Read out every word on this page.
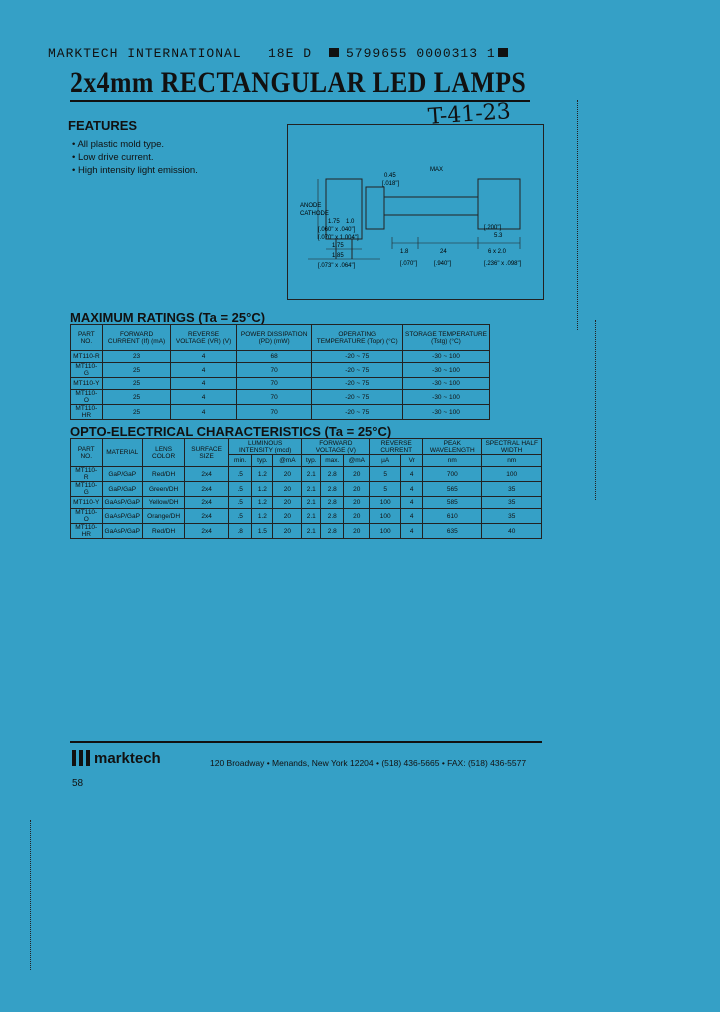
MARKTECH INTERNATIONAL 18E D	5799655 0000313 1
2x4mm RECTANGULAR LED LAMPS
T-41-23
FEATURES
• All plastic mold type.
• Low drive current.
• High intensity light emission.	0.45
[.018"]
1.75 1.0
ANODE
CATHODE
[.060" x .040"]
[.070" x 1.004"]
1.75
1.85
[.073" x .064"]
24
[.940"]
1.8
5.3
[.236" x .098"]
[.070"]
[.200"]
6 x 2.0
MAX
MAXIMUM RATINGS (Ta = 25°C)
PART NO.	FORWARD CURRENT (If) (mA)	REVERSE VOLTAGE (VR) (V)	POWER DISSIPATION (PD) (mW)	OPERATING TEMPERATURE (Topr) (°C)	STORAGE TEMPERATURE (Tstg) (°C)
MT110-R	23	4	68	-20 ~ 75	-30 ~ 100
MT110-G	25	4	70	-20 ~ 75	-30 ~ 100
MT110-Y	25	4	70	-20 ~ 75	-30 ~ 100
MT110-O	25	4	70	-20 ~ 75	-30 ~ 100
MT110-HR	25	4	70	-20 ~ 75	-30 ~ 100
OPTO-ELECTRICAL CHARACTERISTICS (Ta = 25°C)
PART NO.	MATERIAL	LENS COLOR	SURFACE SIZE	LUMINOUS INTENSITY (mcd)			FORWARD VOLTAGE (V)			REVERSE CURRENT		PEAK WAVELENGTH	SPECTRAL HALF WIDTH
				min.	typ.	@mA	typ.	max.	@mA	µA	Vr	nm	nm
MT110-R	GaP/GaP	Red/DH	2x4	.5	1.2	20	2.1	2.8	20	5	4	700	100
MT110-G	GaP/GaP	Green/DH	2x4	.5	1.2	20	2.1	2.8	20	5	4	565	35
MT110-Y	GaAsP/GaP	Yellow/DH	2x4	.5	1.2	20	2.1	2.8	20	100	4	585	35
MT110-O	GaAsP/GaP	Orange/DH	2x4	.5	1.2	20	2.1	2.8	20	100	4	610	35
MT110-HR	GaAsP/GaP	Red/DH	2x4	.8	1.5	20	2.1	2.8	20	100	4	635	40
marktech	120 Broadway • Menands, New York 12204 • (518) 436-5665 • FAX: (518) 436-5577
58
